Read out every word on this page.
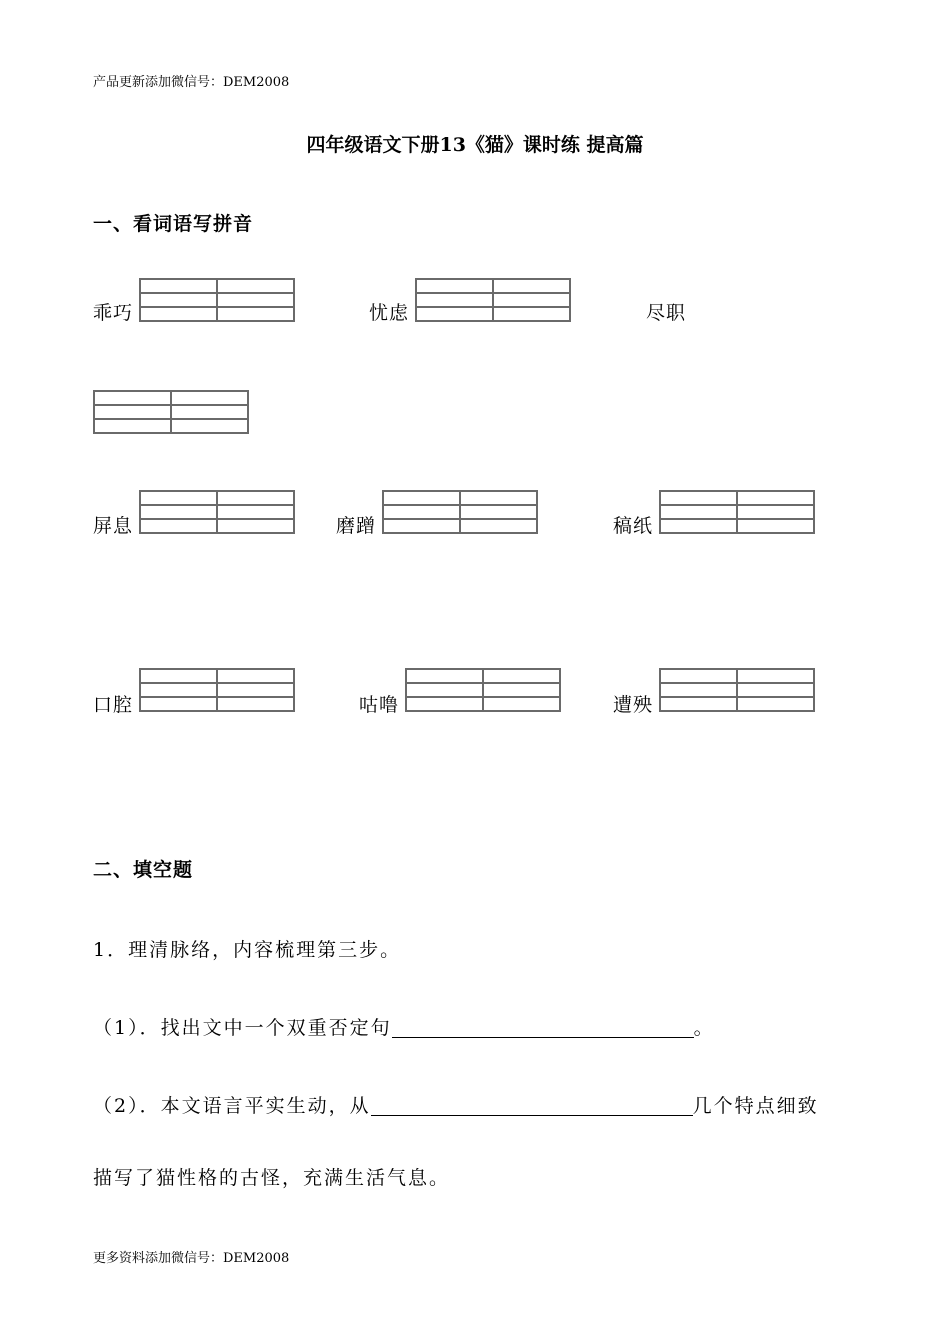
产品更新添加微信号：DEM2008
四年级语文下册13《猫》课时练 提高篇
一、看词语写拼音
乖巧	忧虑	尽职
屏息	磨蹭	稿纸
口腔	咕噜	遭殃
二、填空题
1．理清脉络，内容梳理第三步。
（1）．找出文中一个双重否定句	。
（2）．本文语言平实生动，从	几个特点细致
描写了猫性格的古怪，充满生活气息。
更多资料添加微信号：DEM2008
